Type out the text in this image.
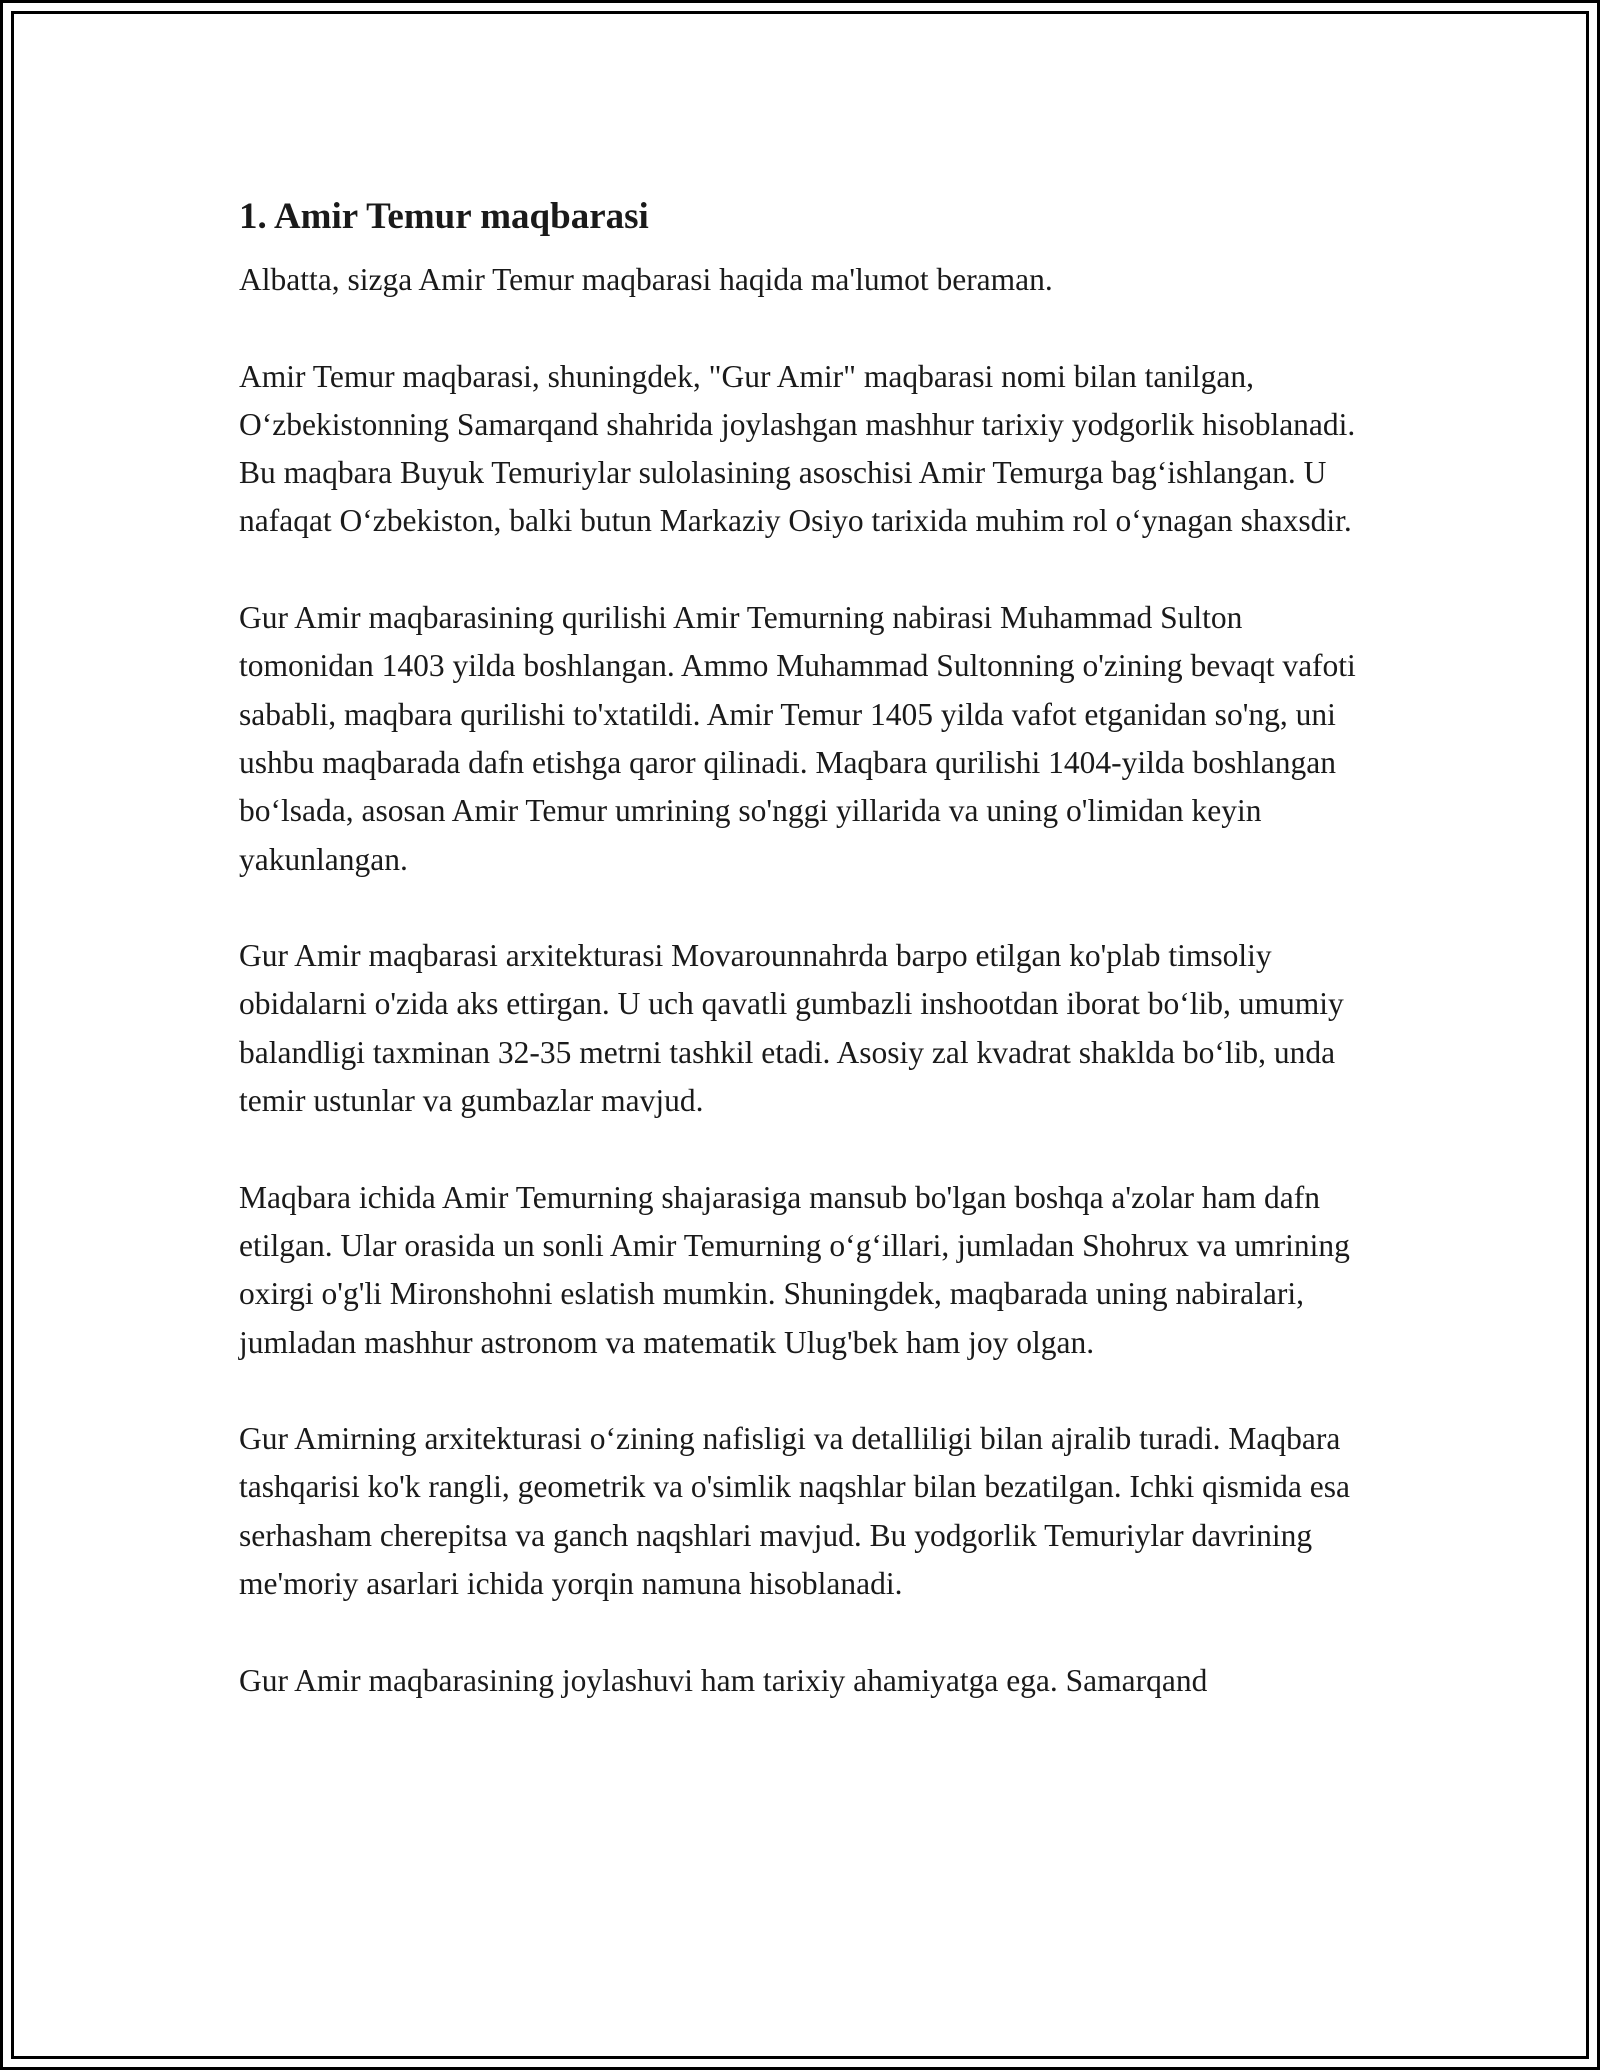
1. Amir Temur maqbarasi

Albatta, sizga Amir Temur maqbarasi haqida ma'lumot beraman.

Amir Temur maqbarasi, shuningdek, "Gur Amir" maqbarasi nomi bilan tanilgan, Oʻzbekistonning Samarqand shahrida joylashgan mashhur tarixiy yodgorlik hisoblanadi. Bu maqbara Buyuk Temuriylar sulolasining asoschisi Amir Temurga bagʻishlangan. U nafaqat Oʻzbekiston, balki butun Markaziy Osiyo tarixida muhim rol oʻynagan shaxsdir.

Gur Amir maqbarasining qurilishi Amir Temurning nabirasi Muhammad Sulton tomonidan 1403 yilda boshlangan. Ammo Muhammad Sultonning o'zining bevaqt vafoti sababli, maqbara qurilishi to'xtatildi. Amir Temur 1405 yilda vafot etganidan so'ng, uni ushbu maqbarada dafn etishga qaror qilinadi. Maqbara qurilishi 1404-yilda boshlangan boʻlsada, asosan Amir Temur umrining so'nggi yillarida va uning o'limidan keyin yakunlangan.

Gur Amir maqbarasi arxitekturasi Movarounnahrda barpo etilgan ko'plab timsoliy obidalarni o'zida aks ettirgan. U uch qavatli gumbazli inshootdan iborat boʻlib, umumiy balandligi taxminan 32-35 metrni tashkil etadi. Asosiy zal kvadrat shaklda boʻlib, unda temir ustunlar va gumbazlar mavjud.

Maqbara ichida Amir Temurning shajarasiga mansub bo'lgan boshqa a'zolar ham dafn etilgan. Ular orasida un sonli Amir Temurning oʻgʻillari, jumladan Shohrux va umrining oxirgi o'g'li Mironshohni eslatish mumkin. Shuningdek, maqbarada uning nabiralari, jumladan mashhur astronom va matematik Ulug'bek ham joy olgan.

Gur Amirning arxitekturasi oʻzining nafisligi va detalliligi bilan ajralib turadi. Maqbara tashqarisi ko'k rangli, geometrik va o'simlik naqshlar bilan bezatilgan. Ichki qismida esa serhasham cherepitsa va ganch naqshlari mavjud. Bu yodgorlik Temuriylar davrining me'moriy asarlari ichida yorqin namuna hisoblanadi.

Gur Amir maqbarasining joylashuvi ham tarixiy ahamiyatga ega. Samarqand
